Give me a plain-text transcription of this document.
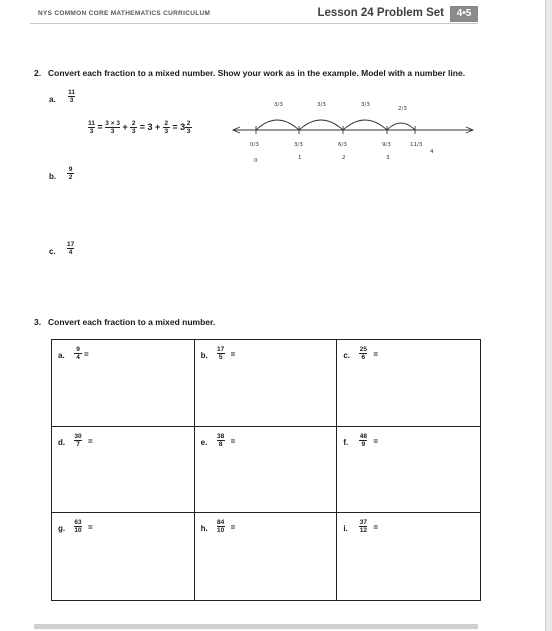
NYS COMMON CORE MATHEMATICS CURRICULUM	Lesson 24 Problem Set	4•5
2. Convert each fraction to a mixed number. Show your work as in the example. Model with a number line.
a.
11
3
$\frac{11}{3} = \frac{3 \times 3}{3} + \frac{2}{3} = 3 + \frac{2}{3} = 3 \frac{2}{3}$
3/3	3/3	3/3
2/3
0/3	3/3	6/3	9/3	11/3
0	1	2	3
4
b.
9
2
c.
17
4
3. Convert each fraction to a mixed number.
a.
9
4 =	b.
17
5 =	c.
25
6 =
d.
30
7 =	e.
38
8 =	f.
48
9 =
g.
63
10 =	h.
84
10 =	i.
37
12 =
